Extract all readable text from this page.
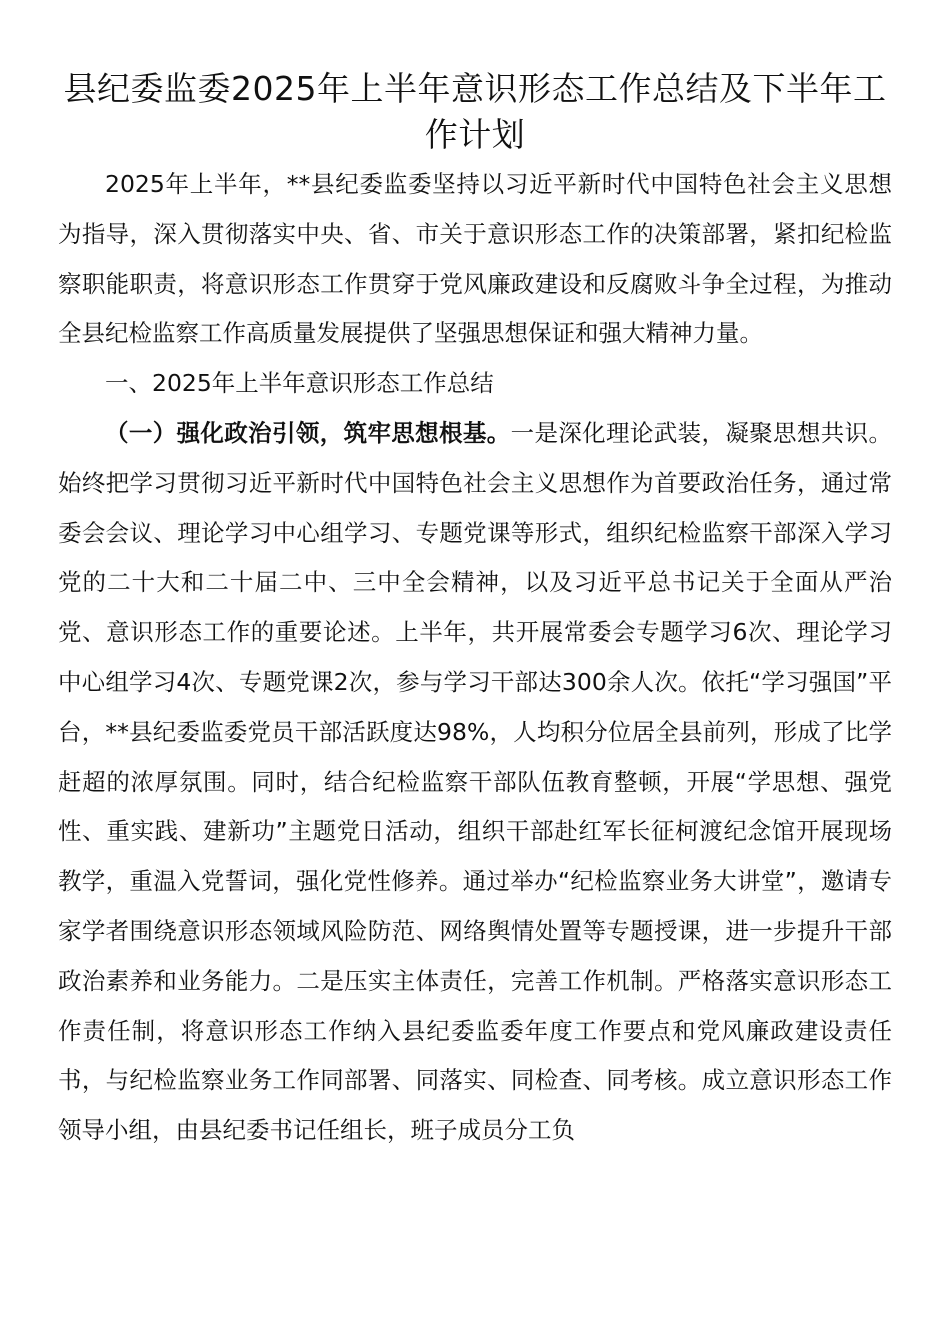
县纪委监委2025年上半年意识形态工作总结及下半年工作计划

2025年上半年，**县纪委监委坚持以习近平新时代中国特色社会主义思想为指导，深入贯彻落实中央、省、市关于意识形态工作的决策部署，紧扣纪检监察职能职责，将意识形态工作贯穿于党风廉政建设和反腐败斗争全过程，为推动全县纪检监察工作高质量发展提供了坚强思想保证和强大精神力量。

一、2025年上半年意识形态工作总结

（一）强化政治引领，筑牢思想根基。一是深化理论武装，凝聚思想共识。始终把学习贯彻习近平新时代中国特色社会主义思想作为首要政治任务，通过常委会会议、理论学习中心组学习、专题党课等形式，组织纪检监察干部深入学习党的二十大和二十届二中、三中全会精神，以及习近平总书记关于全面从严治党、意识形态工作的重要论述。上半年，共开展常委会专题学习6次、理论学习中心组学习4次、专题党课2次，参与学习干部达300余人次。依托“学习强国”平台，**县纪委监委党员干部活跃度达98%，人均积分位居全县前列，形成了比学赶超的浓厚氛围。同时，结合纪检监察干部队伍教育整顿，开展“学思想、强党性、重实践、建新功”主题党日活动，组织干部赴红军长征柯渡纪念馆开展现场教学，重温入党誓词，强化党性修养。通过举办“纪检监察业务大讲堂”，邀请专家学者围绕意识形态领域风险防范、网络舆情处置等专题授课，进一步提升干部政治素养和业务能力。二是压实主体责任，完善工作机制。严格落实意识形态工作责任制，将意识形态工作纳入县纪委监委年度工作要点和党风廉政建设责任书，与纪检监察业务工作同部署、同落实、同检查、同考核。成立意识形态工作领导小组，由县纪委书记任组长，班子成员分工负
